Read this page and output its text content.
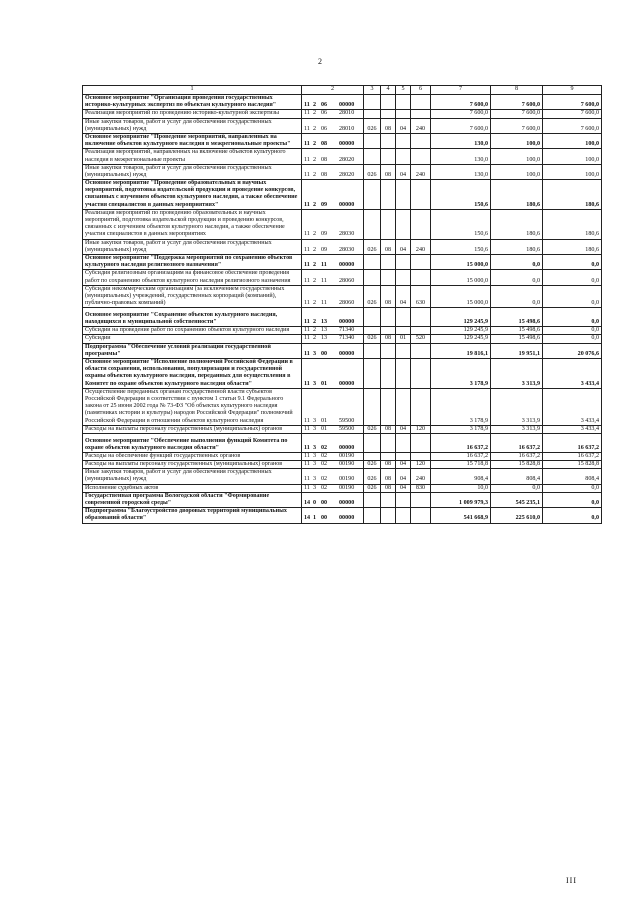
2
1	2	3	4	5	6	7	8	9
Основное мероприятие "Организация проведения государственных историко-культурных экспертиз по объектам культурного наследия"	11 2 06 00000					7 600,0	7 600,0	7 600,0
Реализация мероприятий по проведению историко-культурной экспертизы	11 2 06 28010					7 600,0	7 600,0	7 600,0
Иные закупки товаров, работ и услуг для обеспечения государственных (муниципальных) нужд	11 2 06 28010	026	08	04	240	7 600,0	7 600,0	7 600,0
Основное мероприятие "Проведение мероприятий, направленных на включение объектов культурного наследия в межрегиональные проекты"	11 2 08 00000					130,0	100,0	100,0
Реализация мероприятий, направленных на включение объектов культурного наследия в межрегиональные проекты	11 2 08 28020					130,0	100,0	100,0
Иные закупки товаров, работ и услуг для обеспечения государственных (муниципальных) нужд	11 2 08 28020	026	08	04	240	130,0	100,0	100,0
Основное мероприятие "Проведение образовательных и научных мероприятий, подготовка издательской продукции и проведение конкурсов, связанных с изучением объектов культурного наследия, а также обеспечение участия специалистов в данных мероприятиях"	11 2 09 00000					150,6	180,6	180,6
Реализация мероприятий по проведению образовательных и научных мероприятий, подготовка издательской продукции и проведению конкурсов, связанных с изучением объектов культурного наследия, а также обеспечение участия специалистов в данных мероприятиях	11 2 09 28030					150,6	180,6	180,6
Иные закупки товаров, работ и услуг для обеспечения государственных (муниципальных) нужд	11 2 09 28030	026	08	04	240	150,6	180,6	180,6
Основное мероприятие "Поддержка мероприятий по сохранению объектов культурного наследия религиозного назначения"	11 2 11 00000					15 000,0	0,0	0,0
Субсидия религиозным организациям на финансовое обеспечение проведения работ по сохранению объектов культурного наследия религиозного назначения	11 2 11 28060					15 000,0	0,0	0,0
Субсидии некоммерческим организациям (за исключением государственных (муниципальных) учреждений, государственных корпораций (компаний), публично-правовых компаний)	11 2 11 28060	026	08	04	630	15 000,0	0,0	0,0
Основное мероприятие "Сохранение объектов культурного наследия, находящихся в муниципальной собственности"	11 2 13 00000					129 245,9	15 498,6	0,0
Субсидии на проведение работ по сохранению объектов культурного наследия	11 2 13 71340					129 245,9	15 498,6	0,0
Субсидии	11 2 13 71340	026	08	01	520	129 245,9	15 498,6	0,0
Подпрограмма "Обеспечение условий реализации государственной программы"	11 3 00 00000					19 816,1	19 951,1	20 076,6
Основное мероприятие "Исполнение полномочий Российской Федерации в области сохранения, использования, популяризации и государственной охраны объектов культурного наследия, переданных для осуществления в Комитет по охране объектов культурного наследия области"	11 3 01 00000					3 178,9	3 313,9	3 433,4
Осуществление переданных органам государственной власти субъектов Российской Федерации в соответствии с пунктом 1 статьи 9.1 Федерального закона от 25 июня 2002 года № 73-ФЗ "Об объектах культурного наследия (памятниках истории и культуры) народов Российской Федерации" полномочий Российской Федерации в отношении объектов культурного наследия	11 3 01 59500					3 178,9	3 313,9	3 433,4
Расходы на выплаты персоналу государственных (муниципальных) органов	11 3 01 59500	026	08	04	120	3 178,9	3 313,9	3 433,4
Основное мероприятие "Обеспечение выполнения функций Комитета по охране объектов культурного наследия области"	11 3 02 00000					16 637,2	16 637,2	16 637,2
Расходы на обеспечение функций государственных органов	11 3 02 00190					16 637,2	16 637,2	16 637,2
Расходы на выплаты персоналу государственных (муниципальных) органов	11 3 02 00190	026	08	04	120	15 718,8	15 828,8	15 828,8
Иные закупки товаров, работ и услуг для обеспечения государственных (муниципальных) нужд	11 3 02 00190	026	08	04	240	908,4	808,4	808,4
Исполнение судебных актов	11 3 02 00190	026	08	04	830	10,0	0,0	0,0
Государственная программа Вологодской области "Формирование современной городской среды"	14 0 00 00000					1 009 979,3	545 235,1	0,0
Подпрограмма "Благоустройство дворовых территорий муниципальных образований области"	14 1 00 00000					541 668,9	225 610,0	0,0
III
